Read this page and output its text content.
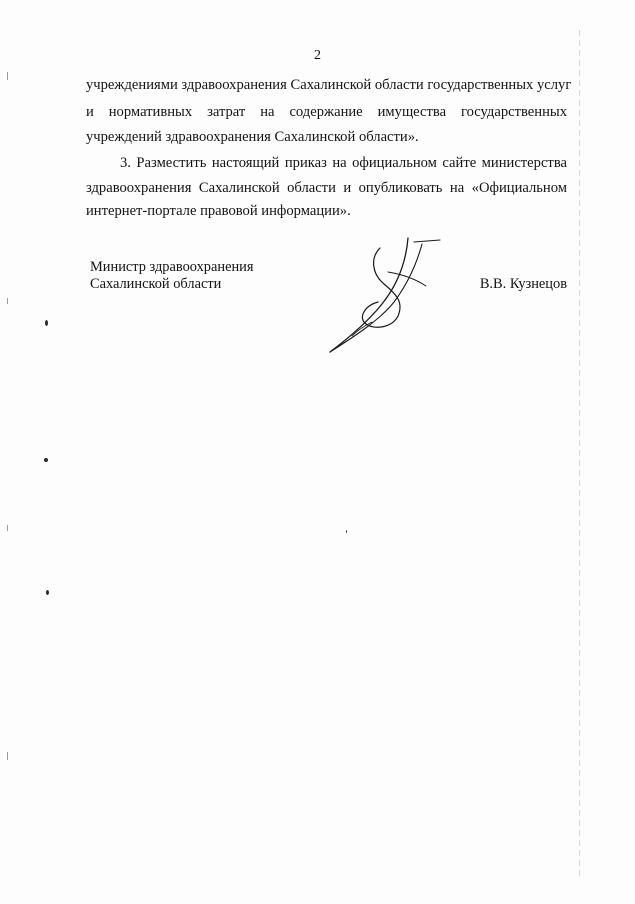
2
учреждениями здравоохранения Сахалинской области государственных услуг
и нормативных затрат на содержание имущества государственных
учреждений здравоохранения Сахалинской области».
3. Разместить настоящий приказ на официальном сайте министерства
здравоохранения Сахалинской области и опубликовать на «Официальном
интернет-портале правовой информации».
Министр здравоохранения
Сахалинской области	В.В. Кузнецов
